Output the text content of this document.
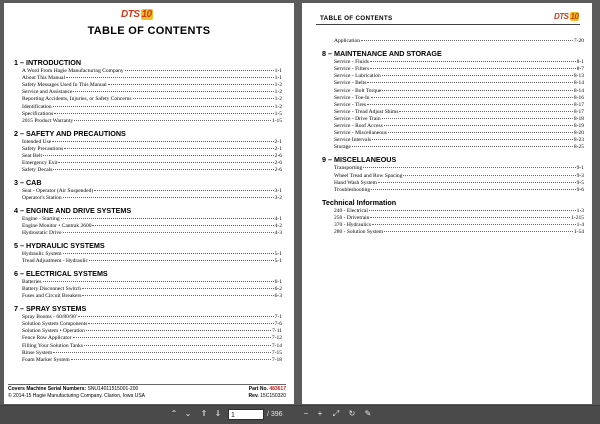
DTS 10
TABLE OF CONTENTS
1 – INTRODUCTION
A Word From Hagie Manufacturing Company	1-1
About This Manual	1-1
Safety Messages Used In This Manual	1-2
Service and Assistance	1-2
Reporting Accidents, Injuries, or Safety Concerns	1-2
Identification	1-2
Specifications	1-5
2015 Product Warranty	1-15
2 – SAFETY AND PRECAUTIONS
Intended Use	2-1
Safety Precautions	2-1
Seat Belt	2-6
Emergency Exit	2-6
Safety Decals	2-6
3 – CAB
Seat - Operator (Air Suspended)	3-1
Operator's Station	3-2
4 – ENGINE AND DRIVE SYSTEMS
Engine - Starting	4-1
Engine Monitor • Cantrak 2600	4-2
Hydrostatic Drive	4-3
5 – HYDRAULIC SYSTEMS
Hydraulic System	5-1
Tread Adjustment - Hydraulic	5-1
6 – ELECTRICAL SYSTEMS
Batteries	6-1
Battery Disconnect Switch	6-2
Fuses and Circuit Breakers	6-3
7 – SPRAY SYSTEMS
Spray Booms - 60/80/90'	7-1
Solution System Components	7-6
Solution System • Operation	7-11
Fence Row Applicator	7-12
Filling Your Solution Tanks	7-14
Rinse System	7-15
Foam Marker System	7-18
Covers Machine Serial Numbers: SNU14011515001-200	Part No. 483617
© 2014-15 Hagie Manufacturing Company. Clarion, Iowa USA	Rev. 15C150320
TABLE OF CONTENTS	DTS 10
Application	7-20
8 – MAINTENANCE AND STORAGE
Service - Fluids	8-1
Service - Filters	8-7
Service - Lubrication	8-13
Service - Belts	8-14
Service - Bolt Torque	8-14
Service - Toe-In	8-16
Service - Tires	8-17
Service - Tread Adjust Shims	8-17
Service - Drive Train	8-18
Service - Roof Access	8-19
Service - Miscellaneous	8-20
Service Intervals	8-23
Storage	8-25
9 – MISCELLANEOUS
Transporting	9-1
Wheel Tread and Row Spacing	9-3
Hand Wash System	9-5
Troubleshooting	9-6
Technical Information
240 - Electrical	1-3
250 - Drivetrain	1-215
370 - Hydraulics	1-4
280 - Solution System	1-54
⌃ ⌄	⇑ ⇓	1	/ 396	−	+	⤢	↻	✎
